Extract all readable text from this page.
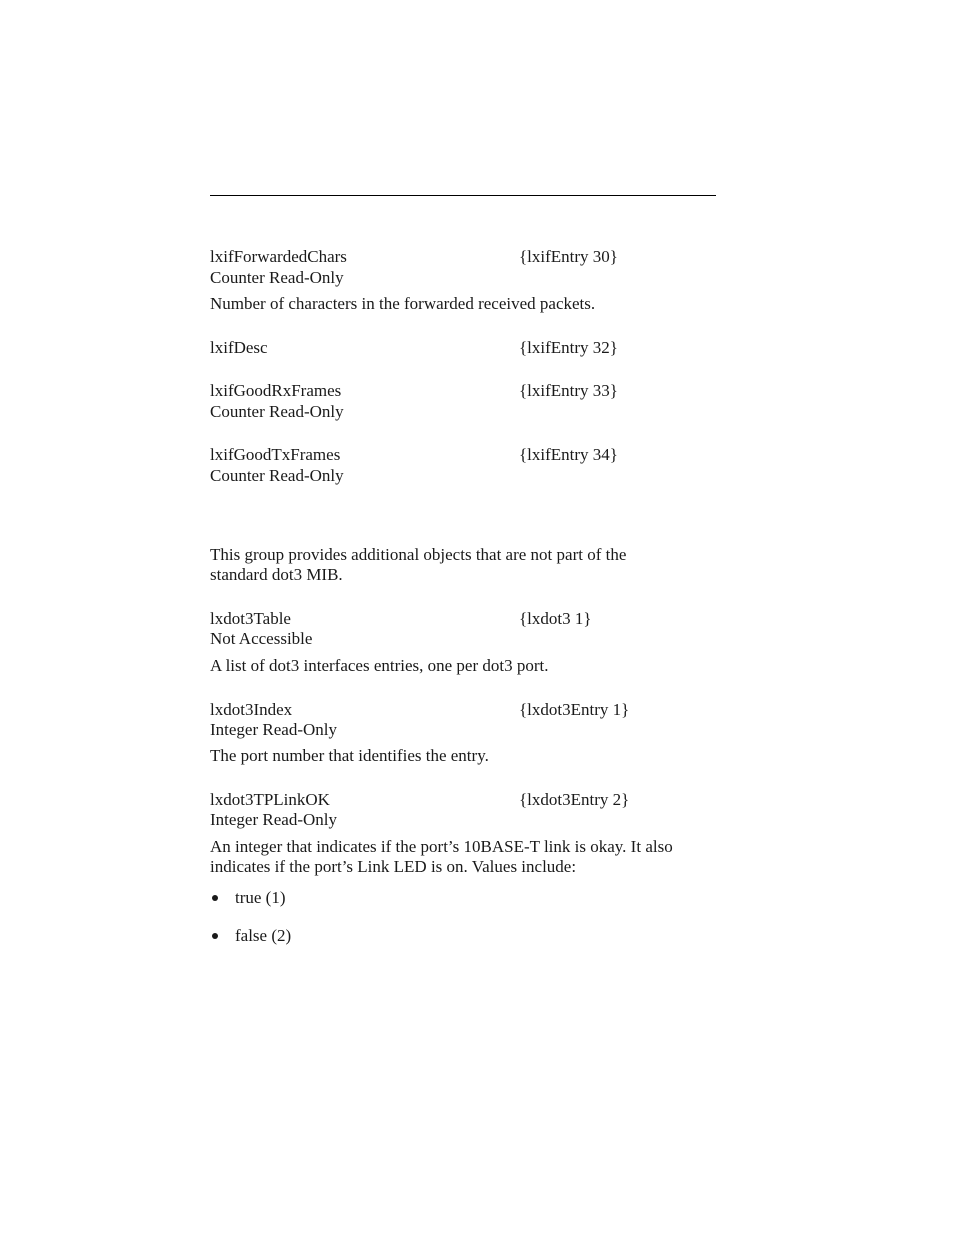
lxifForwardedChars	{lxifEntry 30}
Counter Read-Only
Number of characters in the forwarded received packets.
lxifDesc	{lxifEntry 32}
lxifGoodRxFrames	{lxifEntry 33}
Counter Read-Only
lxifGoodTxFrames	{lxifEntry 34}
Counter Read-Only
This group provides additional objects that are not part of the
standard dot3 MIB.
lxdot3Table	{lxdot3 1}
Not Accessible
A list of dot3 interfaces entries, one per dot3 port.
lxdot3Index	{lxdot3Entry 1}
Integer Read-Only
The port number that identifies the entry.
lxdot3TPLinkOK	{lxdot3Entry 2}
Integer Read-Only
An integer that indicates if the port’s 10BASE-T link is okay. It also
indicates if the port’s Link LED is on. Values include:
true (1)
false (2)
